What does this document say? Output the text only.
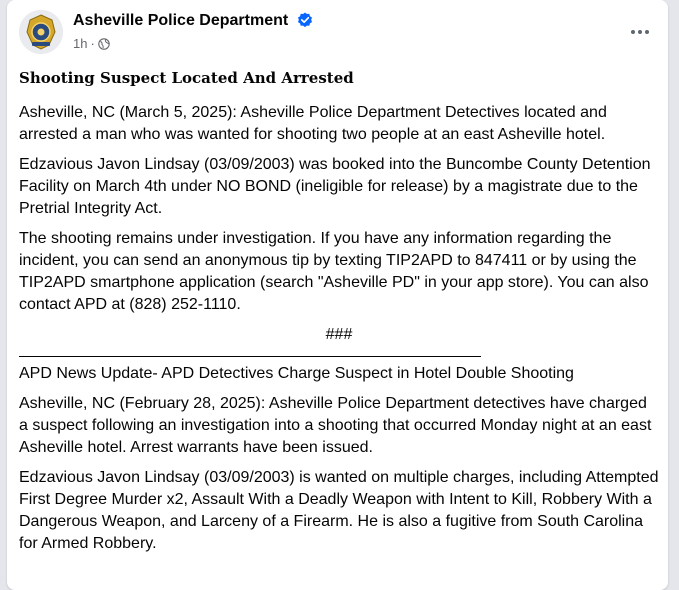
Asheville Police Department
1h ·
Shooting Suspect Located And Arrested

Asheville, NC (March 5, 2025): Asheville Police Department Detectives located and arrested a man who was wanted for shooting two people at an east Asheville hotel.

Edzavious Javon Lindsay (03/09/2003) was booked into the Buncombe County Detention Facility on March 4th under NO BOND (ineligible for release) by a magistrate due to the Pretrial Integrity Act.

The shooting remains under investigation. If you have any information regarding the incident, you can send an anonymous tip by texting TIP2APD to 847411 or by using the TIP2APD smartphone application (search "Asheville PD" in your app store). You can also contact APD at (828) 252-1110.

###

APD News Update- APD Detectives Charge Suspect in Hotel Double Shooting

Asheville, NC (February 28, 2025): Asheville Police Department detectives have charged a suspect following an investigation into a shooting that occurred Monday night at an east Asheville hotel. Arrest warrants have been issued.

Edzavious Javon Lindsay (03/09/2003) is wanted on multiple charges, including Attempted First Degree Murder x2, Assault With a Deadly Weapon with Intent to Kill, Robbery With a Dangerous Weapon, and Larceny of a Firearm. He is also a fugitive from South Carolina for Armed Robbery.
